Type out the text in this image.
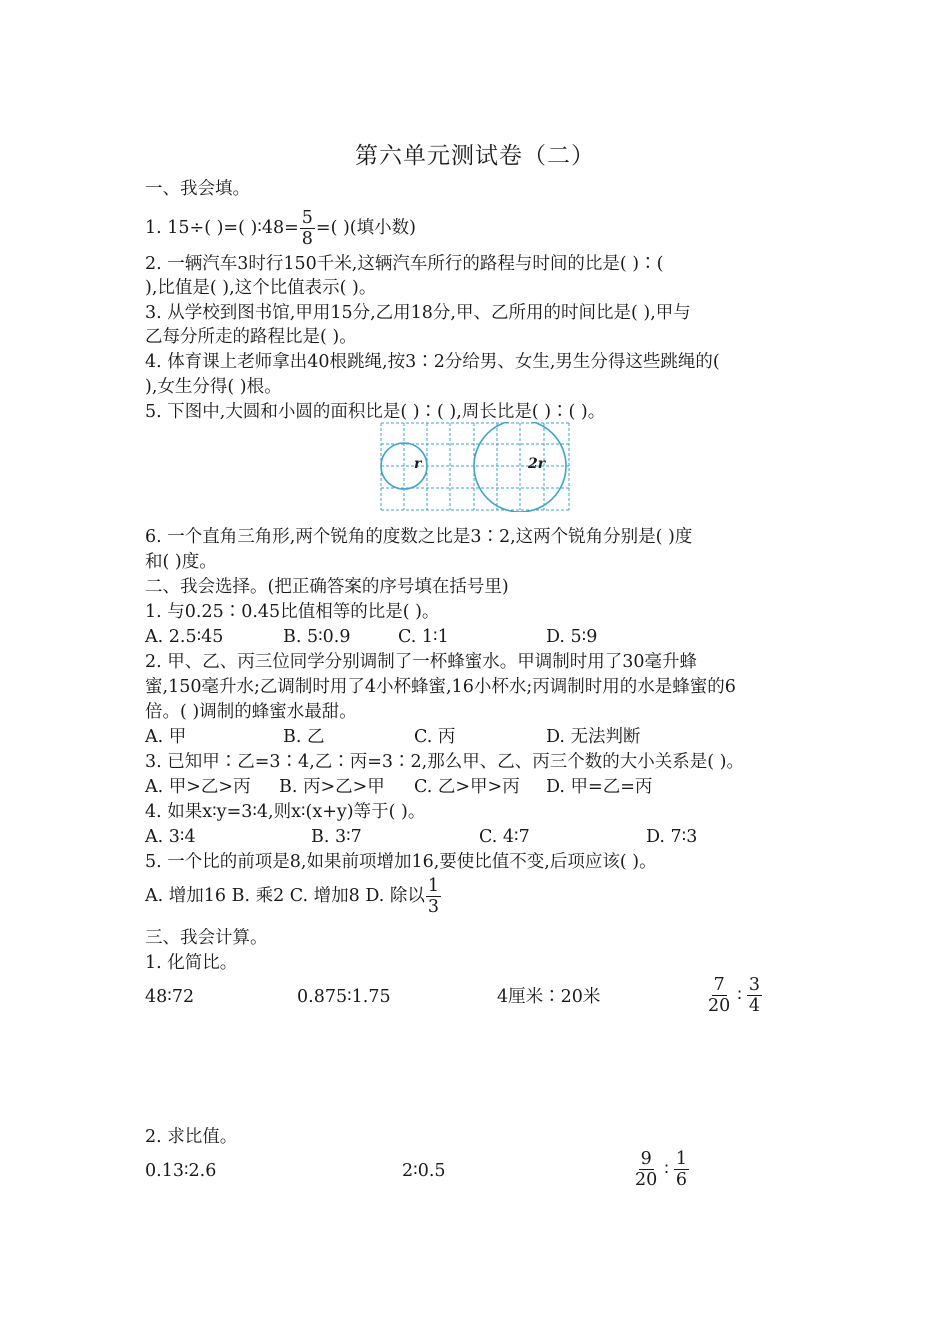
第六单元测试卷（二）
一、我会填。
1. 15÷( )=( )∶48= $\frac{5}{8}$ =( )(填小数)
2. 一辆汽车3时行150千米,这辆汽车所行的路程与时间的比是( )∶(
),比值是( ),这个比值表示( )。
3. 从学校到图书馆,甲用15分,乙用18分,甲、乙所用的时间比是( ),甲与
乙每分所走的路程比是( )。
4. 体育课上老师拿出40根跳绳,按3∶2分给男、女生,男生分得这些跳绳的(
),女生分得( )根。
5. 下图中,大圆和小圆的面积比是( )∶( ),周长比是( )∶( )。
r	2r
6. 一个直角三角形,两个锐角的度数之比是3∶2,这两个锐角分别是( )度
和( )度。
二、我会选择。(把正确答案的序号填在括号里)
1. 与0.25∶0.45比值相等的比是( )。
A. 2.5∶45	B. 5∶0.9	C. 1∶1	D. 5∶9
2. 甲、乙、丙三位同学分别调制了一杯蜂蜜水。甲调制时用了30毫升蜂
蜜,150毫升水;乙调制时用了4小杯蜂蜜,16小杯水;丙调制时用的水是蜂蜜的6
倍。( )调制的蜂蜜水最甜。
A. 甲	B. 乙	C. 丙	D. 无法判断
3. 已知甲∶乙=3∶4,乙∶丙=3∶2,那么甲、乙、丙三个数的大小关系是( )。
A. 甲>乙>丙 B. 丙>乙>甲 C. 乙>甲>丙 D. 甲=乙=丙
4. 如果x∶y=3∶4,则x∶(x+y)等于( )。
A. 3∶4	B. 3∶7	C. 4∶7	D. 7∶3
5. 一个比的前项是8,如果前项增加16,要使比值不变,后项应该( )。
A. 增加16 B. 乘2 C. 增加8 D. 除以 $\frac{1}{3}$
三、我会计算。
1. 化简比。
48∶72	0.875∶1.75	4厘米∶20米	$\frac{7}{20}$ ∶ $\frac{3}{4}$
2. 求比值。
0.13∶2.6	2∶0.5	$\frac{9}{20}$ ∶ $\frac{1}{6}$
